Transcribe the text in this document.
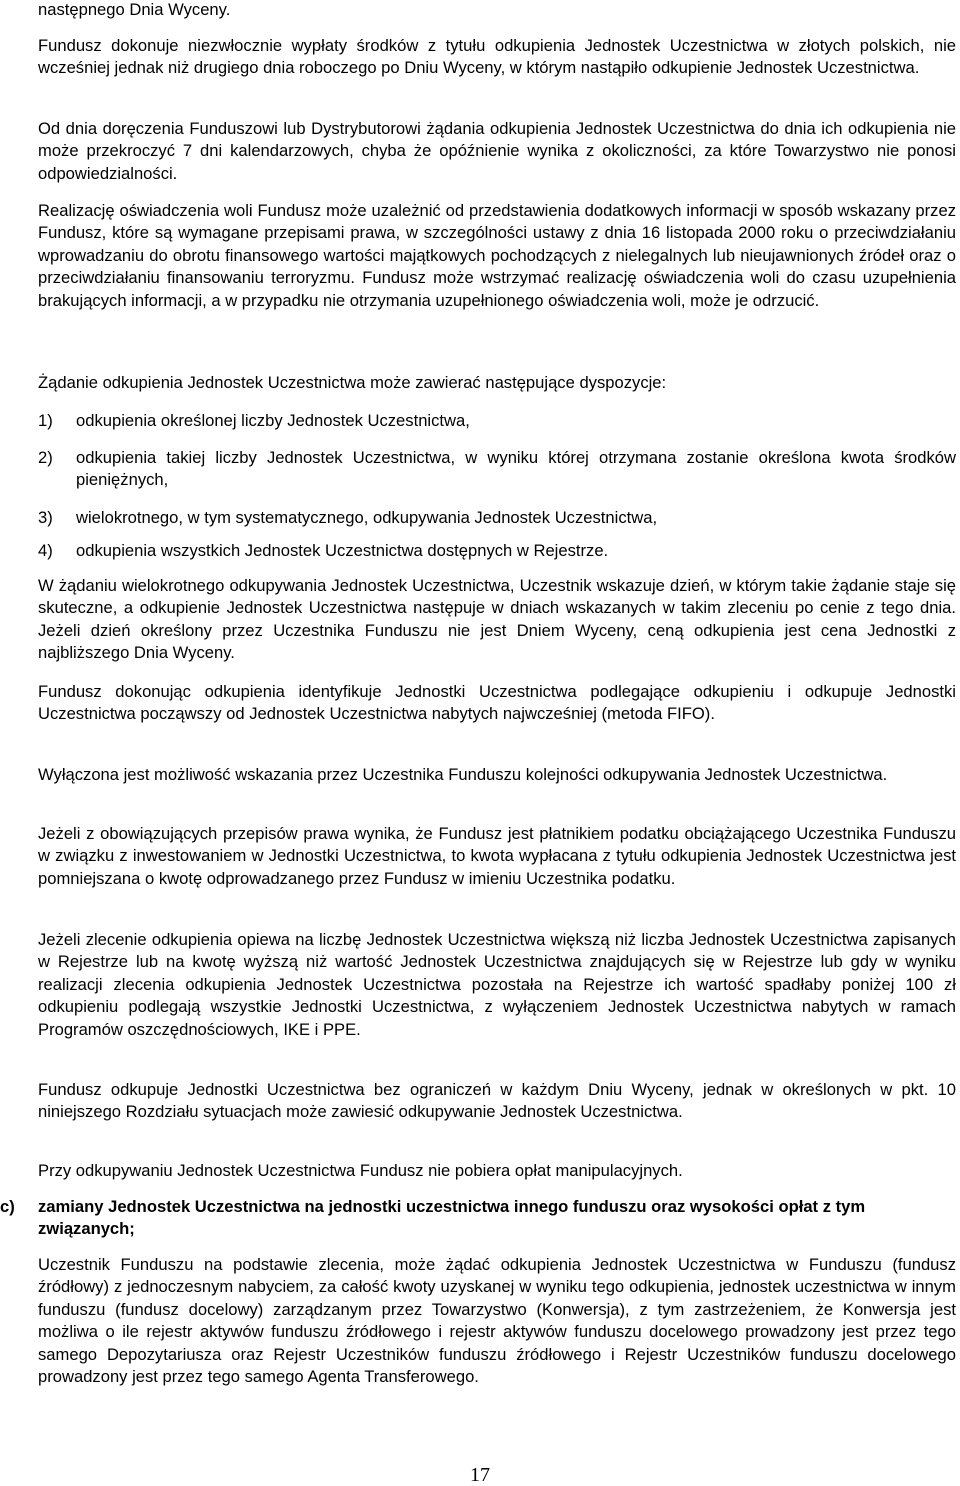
następnego Dnia Wyceny.

Fundusz dokonuje niezwłocznie wypłaty środków z tytułu odkupienia Jednostek Uczestnictwa w złotych polskich, nie wcześniej jednak niż drugiego dnia roboczego po Dniu Wyceny, w którym nastąpiło odkupienie Jednostek Uczestnictwa.

Od dnia doręczenia Funduszowi lub Dystrybutorowi żądania odkupienia Jednostek Uczestnictwa do dnia ich odkupienia nie może przekroczyć 7 dni kalendarzowych, chyba że opóźnienie wynika z okoliczności, za które Towarzystwo nie ponosi odpowiedzialności.

Realizację oświadczenia woli Fundusz może uzależnić od przedstawienia dodatkowych informacji w sposób wskazany przez Fundusz, które są wymagane przepisami prawa, w szczególności ustawy z dnia 16 listopada 2000 roku o przeciwdziałaniu wprowadzaniu do obrotu finansowego wartości majątkowych pochodzących z nielegalnych lub nieujawnionych źródeł oraz o przeciwdziałaniu finansowaniu terroryzmu. Fundusz może wstrzymać realizację oświadczenia woli do czasu uzupełnienia brakujących informacji, a w przypadku nie otrzymania uzupełnionego oświadczenia woli, może je odrzucić.

Żądanie odkupienia Jednostek Uczestnictwa może zawierać następujące dyspozycje:

1)	odkupienia określonej liczby Jednostek Uczestnictwa,
2)	odkupienia takiej liczby Jednostek Uczestnictwa, w wyniku której otrzymana zostanie określona kwota środków pieniężnych,
3)	wielokrotnego, w tym systematycznego, odkupywania Jednostek Uczestnictwa,
4)	odkupienia wszystkich Jednostek Uczestnictwa dostępnych w Rejestrze.

W żądaniu wielokrotnego odkupywania Jednostek Uczestnictwa, Uczestnik wskazuje dzień, w którym takie żądanie staje się skuteczne, a odkupienie Jednostek Uczestnictwa następuje w dniach wskazanych w takim zleceniu po cenie z tego dnia. Jeżeli dzień określony przez Uczestnika Funduszu nie jest Dniem Wyceny, ceną odkupienia jest cena Jednostki z najbliższego Dnia Wyceny.

Fundusz dokonując odkupienia identyfikuje Jednostki Uczestnictwa podlegające odkupieniu i odkupuje Jednostki Uczestnictwa począwszy od Jednostek Uczestnictwa nabytych najwcześniej (metoda FIFO).

Wyłączona jest możliwość wskazania przez Uczestnika Funduszu kolejności odkupywania Jednostek Uczestnictwa.

Jeżeli z obowiązujących przepisów prawa wynika, że Fundusz jest płatnikiem podatku obciążającego Uczestnika Funduszu w związku z inwestowaniem w Jednostki Uczestnictwa, to kwota wypłacana z tytułu odkupienia Jednostek Uczestnictwa jest pomniejszana o kwotę odprowadzanego przez Fundusz w imieniu Uczestnika podatku.

Jeżeli zlecenie odkupienia opiewa na liczbę Jednostek Uczestnictwa większą niż liczba Jednostek Uczestnictwa zapisanych w Rejestrze lub na kwotę wyższą niż wartość Jednostek Uczestnictwa znajdujących się w Rejestrze lub gdy w wyniku realizacji zlecenia odkupienia Jednostek Uczestnictwa pozostała na Rejestrze ich wartość spadłaby poniżej 100 zł odkupieniu podlegają wszystkie Jednostki Uczestnictwa, z wyłączeniem Jednostek Uczestnictwa nabytych w ramach Programów oszczędnościowych, IKE i PPE.

Fundusz odkupuje Jednostki Uczestnictwa bez ograniczeń w każdym Dniu Wyceny, jednak w określonych w pkt. 10 niniejszego Rozdziału sytuacjach może zawiesić odkupywanie Jednostek Uczestnictwa.

Przy odkupywaniu Jednostek Uczestnictwa Fundusz nie pobiera opłat manipulacyjnych.

c)	zamiany Jednostek Uczestnictwa na jednostki uczestnictwa innego funduszu oraz wysokości opłat z tym związanych;

Uczestnik Funduszu na podstawie zlecenia, może żądać odkupienia Jednostek Uczestnictwa w Funduszu (fundusz źródłowy) z jednoczesnym nabyciem, za całość kwoty uzyskanej w wyniku tego odkupienia, jednostek uczestnictwa w innym funduszu (fundusz docelowy) zarządzanym przez Towarzystwo (Konwersja), z tym zastrzeżeniem, że Konwersja jest możliwa o ile rejestr aktywów funduszu źródłowego i rejestr aktywów funduszu docelowego prowadzony jest przez tego samego Depozytariusza oraz Rejestr Uczestników funduszu źródłowego i Rejestr Uczestników funduszu docelowego prowadzony jest przez tego samego Agenta Transferowego.

17
